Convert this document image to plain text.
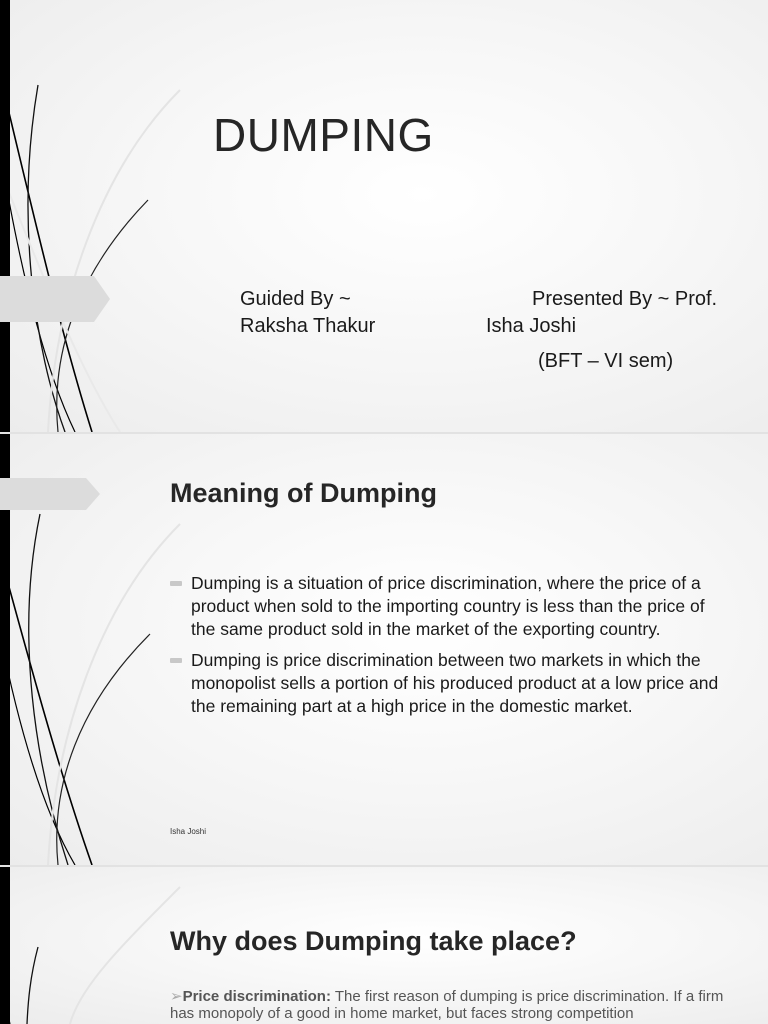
DUMPING
Guided By ~
Raksha Thakur
Presented By ~ Prof.
Isha Joshi
(BFT – VI sem)
Meaning of Dumping
Dumping is a situation of price discrimination, where the price of a product when sold to the importing country is less than the price of the same product sold in the market of the exporting country.
Dumping is price discrimination between two markets in which the monopolist sells a portion of his produced product at a low price and the remaining part at a high price in the domestic market.
Isha Joshi
Why does Dumping take place?
➢Price discrimination: The first reason of dumping is price discrimination. If a firm has monopoly of a good in home market, but faces strong competition
